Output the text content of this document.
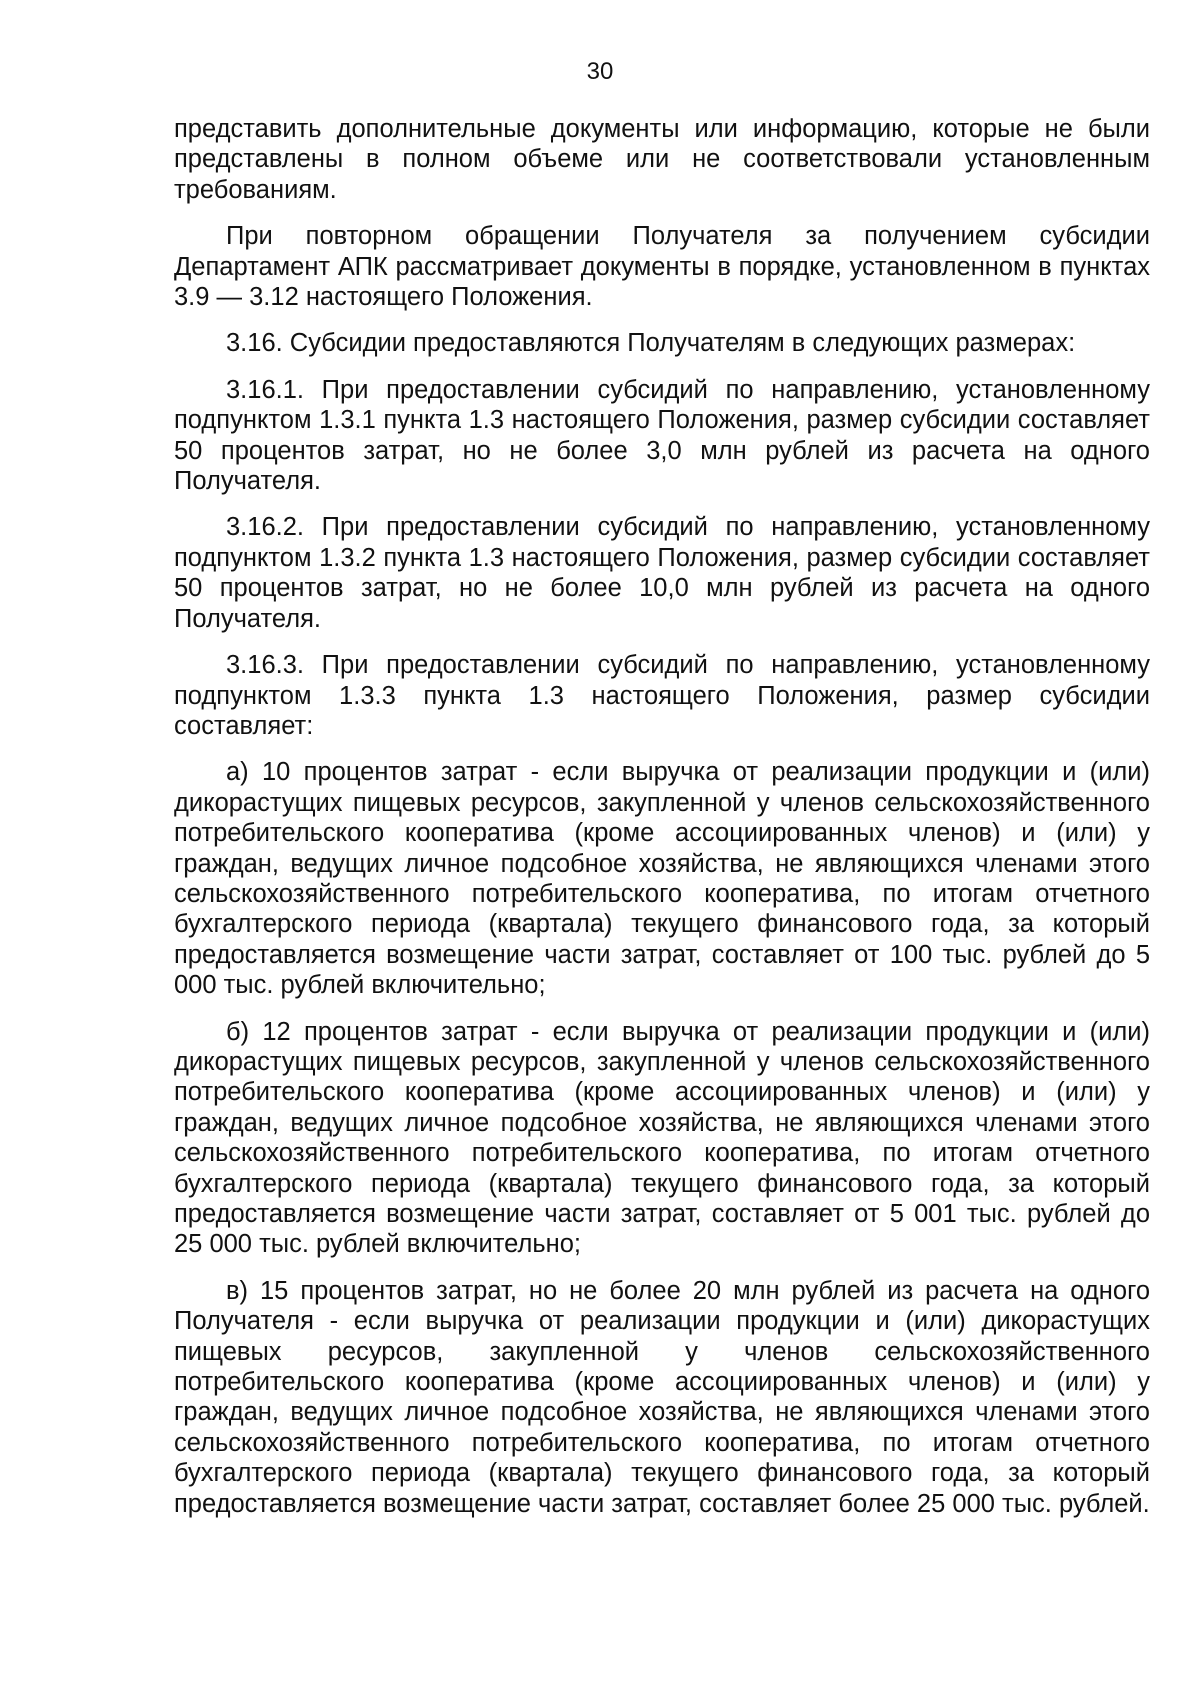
30

представить дополнительные документы или информацию, которые не были представлены в полном объеме или не соответствовали установленным требованиям.

При повторном обращении Получателя за получением субсидии Департамент АПК рассматривает документы в порядке, установленном в пунктах 3.9 — 3.12 настоящего Положения.

3.16. Субсидии предоставляются Получателям в следующих размерах:

3.16.1. При предоставлении субсидий по направлению, установленному подпунктом 1.3.1 пункта 1.3 настоящего Положения, размер субсидии составляет 50 процентов затрат, но не более 3,0 млн рублей из расчета на одного Получателя.

3.16.2. При предоставлении субсидий по направлению, установленному подпунктом 1.3.2 пункта 1.3 настоящего Положения, размер субсидии составляет 50 процентов затрат, но не более 10,0 млн рублей из расчета на одного Получателя.

3.16.3. При предоставлении субсидий по направлению, установленному подпунктом 1.3.3 пункта 1.3 настоящего Положения, размер субсидии составляет:

а) 10 процентов затрат - если выручка от реализации продукции и (или) дикорастущих пищевых ресурсов, закупленной у членов сельскохозяйственного потребительского кооператива (кроме ассоциированных членов) и (или) у граждан, ведущих личное подсобное хозяйства, не являющихся членами этого сельскохозяйственного потребительского кооператива, по итогам отчетного бухгалтерского периода (квартала) текущего финансового года, за который предоставляется возмещение части затрат, составляет от 100 тыс. рублей до 5 000 тыс. рублей включительно;

б) 12 процентов затрат - если выручка от реализации продукции и (или) дикорастущих пищевых ресурсов, закупленной у членов сельскохозяйственного потребительского кооператива (кроме ассоциированных членов) и (или) у граждан, ведущих личное подсобное хозяйства, не являющихся членами этого сельскохозяйственного потребительского кооператива, по итогам отчетного бухгалтерского периода (квартала) текущего финансового года, за который предоставляется возмещение части затрат, составляет от 5 001 тыс. рублей до 25 000 тыс. рублей включительно;

в) 15 процентов затрат, но не более 20 млн рублей из расчета на одного Получателя - если выручка от реализации продукции и (или) дикорастущих пищевых ресурсов, закупленной у членов сельскохозяйственного потребительского кооператива (кроме ассоциированных членов) и (или) у граждан, ведущих личное подсобное хозяйства, не являющихся членами этого сельскохозяйственного потребительского кооператива, по итогам отчетного бухгалтерского периода (квартала) текущего финансового года, за который предоставляется возмещение части затрат, составляет более 25 000 тыс. рублей.
